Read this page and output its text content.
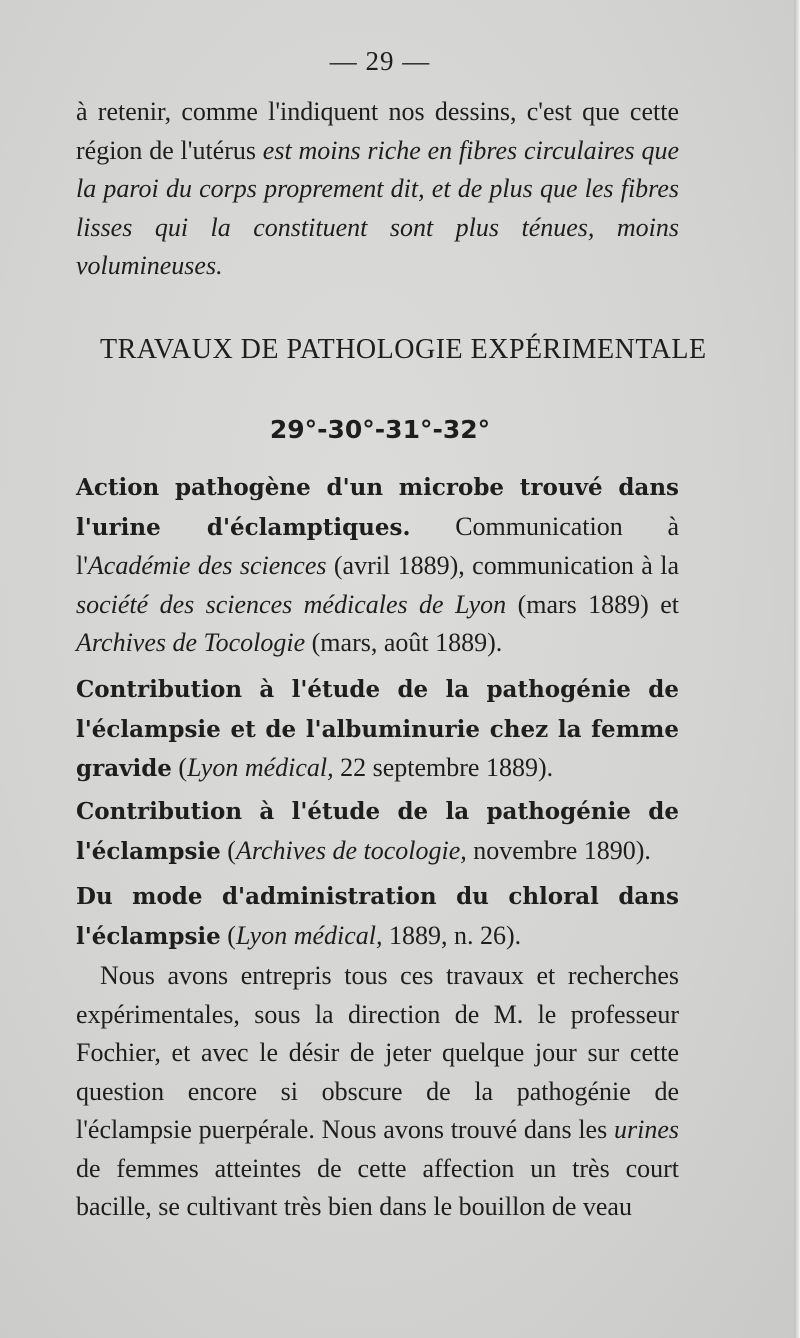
— 29 —

à retenir, comme l'indiquent nos dessins, c'est que cette région de l'utérus est moins riche en fibres circulaires que la paroi du corps proprement dit, et de plus que les fibres lisses qui la constituent sont plus ténues, moins volumineuses.

TRAVAUX DE PATHOLOGIE EXPÉRIMENTALE
29°-30°-31°-32°
Action pathogène d'un microbe trouvé dans l'urine d'éclamptiques. Communication à l'Académie des sciences (avril 1889), communication à la société des sciences médicales de Lyon (mars 1889) et Archives de Tocologie (mars, août 1889).
Contribution à l'étude de la pathogénie de l'éclampsie et de l'albuminurie chez la femme gravide (Lyon médical, 22 septembre 1889).
Contribution à l'étude de la pathogénie de l'éclampsie (Archives de tocologie, novembre 1890).
Du mode d'administration du chloral dans l'éclampsie (Lyon médical, 1889, n. 26).

Nous avons entrepris tous ces travaux et recherches expérimentales, sous la direction de M. le professeur Fochier, et avec le désir de jeter quelque jour sur cette question encore si obscure de la pathogénie de l'éclampsie puerpérale. Nous avons trouvé dans les urines de femmes atteintes de cette affection un très court bacille, se cultivant très bien dans le bouillon de veau
